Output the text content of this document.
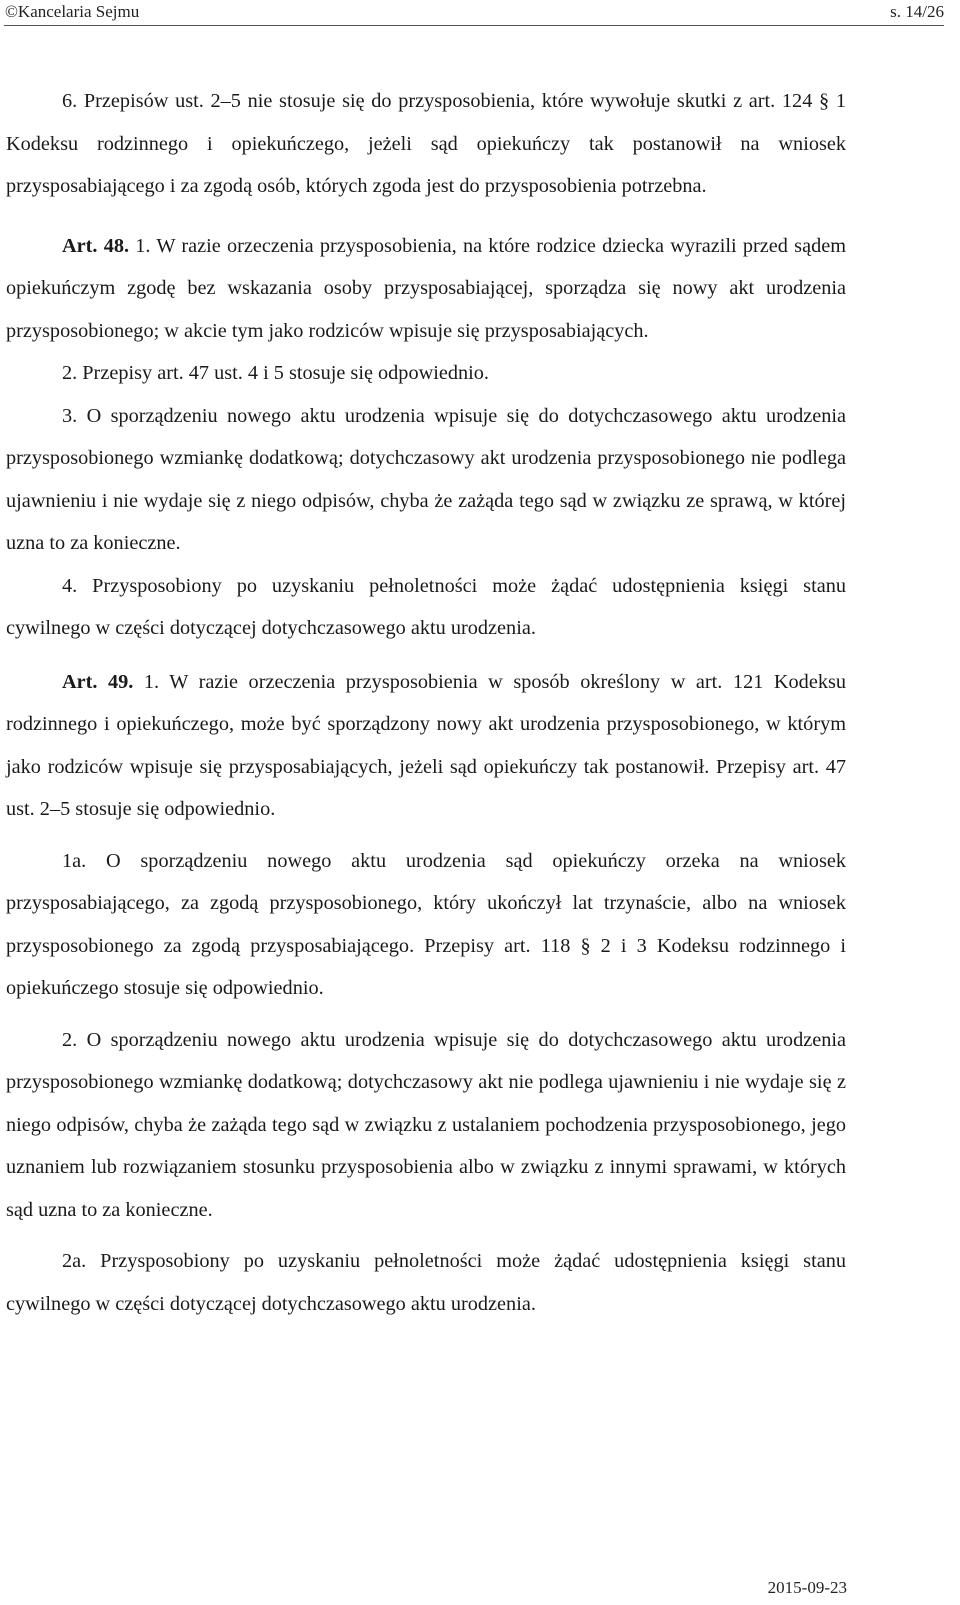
©Kancelaria Sejmu	s. 14/26

6. Przepisów ust. 2–5 nie stosuje się do przysposobienia, które wywołuje skutki z art. 124 § 1 Kodeksu rodzinnego i opiekuńczego, jeżeli sąd opiekuńczy tak postanowił na wniosek przysposabiającego i za zgodą osób, których zgoda jest do przysposobienia potrzebna.

Art. 48. 1. W razie orzeczenia przysposobienia, na które rodzice dziecka wyrazili przed sądem opiekuńczym zgodę bez wskazania osoby przysposabiającej, sporządza się nowy akt urodzenia przysposobionego; w akcie tym jako rodziców wpisuje się przysposabiających.

2. Przepisy art. 47 ust. 4 i 5 stosuje się odpowiednio.

3. O sporządzeniu nowego aktu urodzenia wpisuje się do dotychczasowego aktu urodzenia przysposobionego wzmiankę dodatkową; dotychczasowy akt urodzenia przysposobionego nie podlega ujawnieniu i nie wydaje się z niego odpisów, chyba że zażąda tego sąd w związku ze sprawą, w której uzna to za konieczne.

4. Przysposobiony po uzyskaniu pełnoletności może żądać udostępnienia księgi stanu cywilnego w części dotyczącej dotychczasowego aktu urodzenia.

Art. 49. 1. W razie orzeczenia przysposobienia w sposób określony w art. 121 Kodeksu rodzinnego i opiekuńczego, może być sporządzony nowy akt urodzenia przysposobionego, w którym jako rodziców wpisuje się przysposabiających, jeżeli sąd opiekuńczy tak postanowił. Przepisy art. 47 ust. 2–5 stosuje się odpowiednio.

1a. O sporządzeniu nowego aktu urodzenia sąd opiekuńczy orzeka na wniosek przysposabiającego, za zgodą przysposobionego, który ukończył lat trzynaście, albo na wniosek przysposobionego za zgodą przysposabiającego. Przepisy art. 118 § 2 i 3 Kodeksu rodzinnego i opiekuńczego stosuje się odpowiednio.

2. O sporządzeniu nowego aktu urodzenia wpisuje się do dotychczasowego aktu urodzenia przysposobionego wzmiankę dodatkową; dotychczasowy akt nie podlega ujawnieniu i nie wydaje się z niego odpisów, chyba że zażąda tego sąd w związku z ustalaniem pochodzenia przysposobionego, jego uznaniem lub rozwiązaniem stosunku przysposobienia albo w związku z innymi sprawami, w których sąd uzna to za konieczne.

2a. Przysposobiony po uzyskaniu pełnoletności może żądać udostępnienia księgi stanu cywilnego w części dotyczącej dotychczasowego aktu urodzenia.

2015-09-23
